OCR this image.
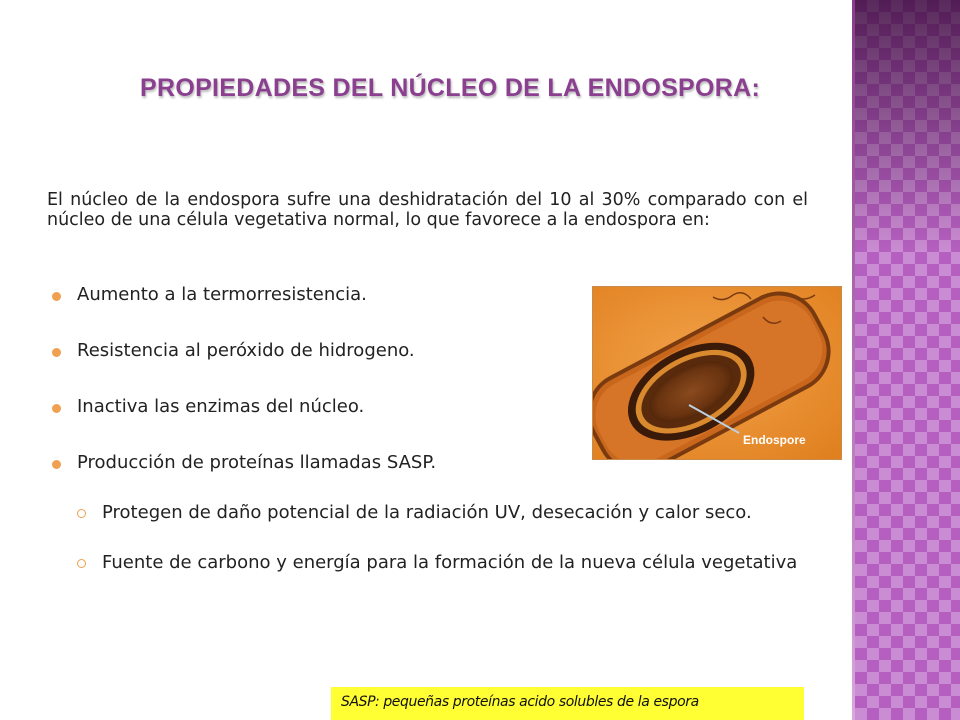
PROPIEDADES DEL NÚCLEO DE LA ENDOSPORA:
El núcleo de la endospora sufre una deshidratación del 10 al 30% comparado con el núcleo de una célula vegetativa normal, lo que favorece a la endospora en:
Aumento a la termorresistencia.
Resistencia al peróxido de hidrogeno.
Inactiva las enzimas del núcleo.
Producción de proteínas llamadas SASP.
Protegen de daño potencial de la radiación UV, desecación y calor seco.
Fuente de carbono y energía para la formación de la nueva célula vegetativa
Endospore
SASP: pequeñas proteínas acido solubles de la espora
